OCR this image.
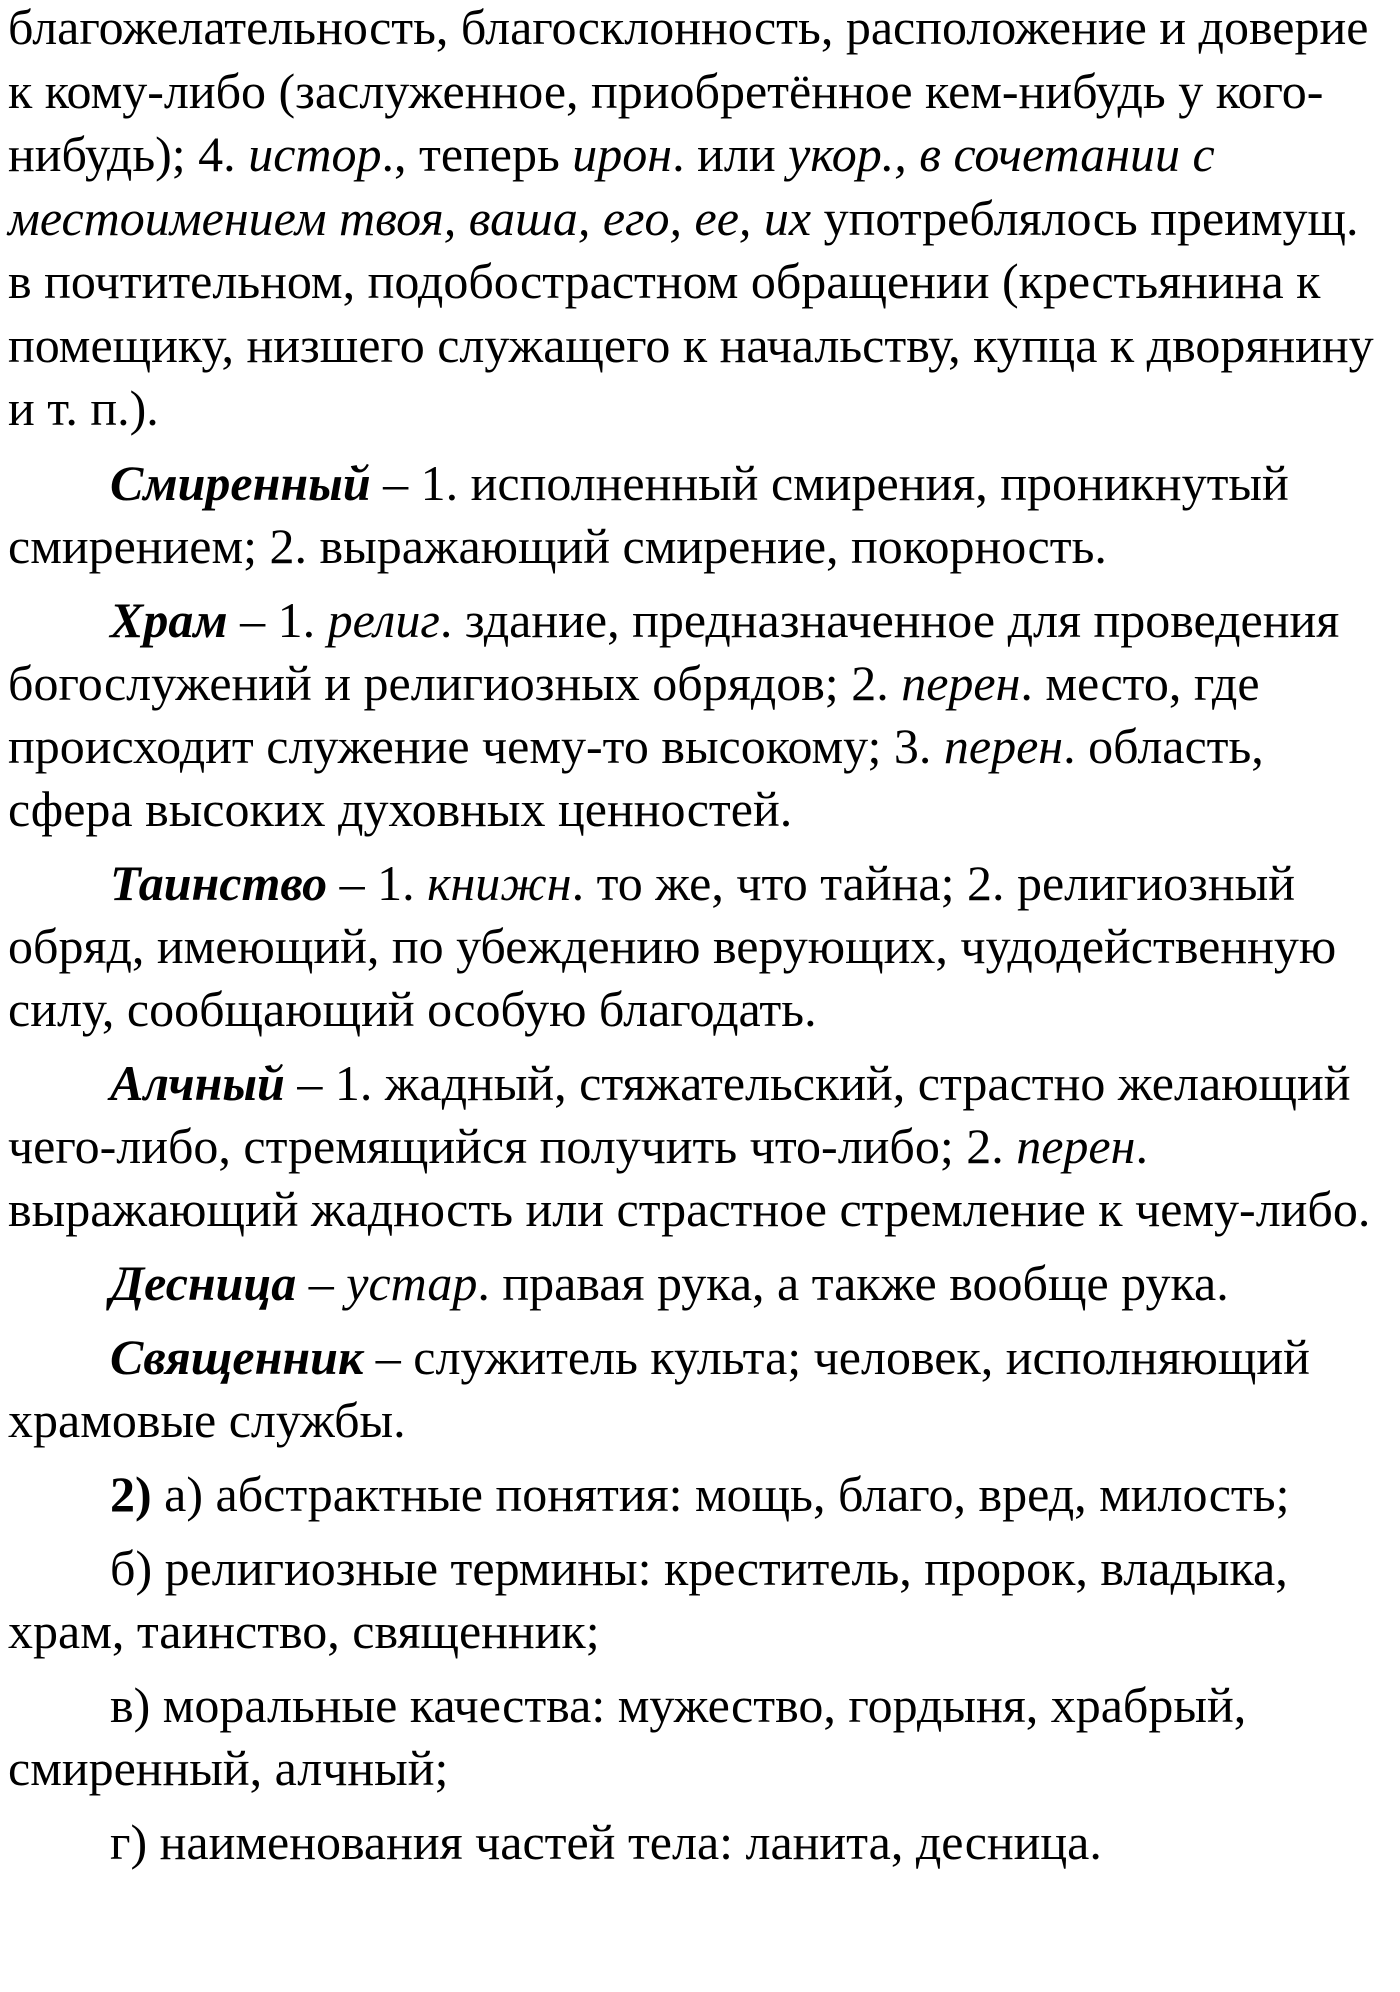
благожелательность, благосклонность, расположение и доверие к кому-либо (заслуженное, приобретённое кем-нибудь у кого-нибудь); 4. истор., теперь ирон. или укор., в сочетании с местоимением твоя, ваша, его, ее, их употреблялось преимущ. в почтительном, подобострастном обращении (крестьянина к помещику, низшего служащего к начальству, купца к дворянину и т. п.).

Смиренный – 1. исполненный смирения, проникнутый смирением; 2. выражающий смирение, покорность.

Храм – 1. религ. здание, предназначенное для проведения богослужений и религиозных обрядов; 2. перен. место, где происходит служение чему-то высокому; 3. перен. область, сфера высоких духовных ценностей.

Таинство – 1. книжн. то же, что тайна; 2. религиозный обряд, имеющий, по убеждению верующих, чудодейственную силу, сообщающий особую благодать.

Алчный – 1. жадный, стяжательский, страстно желающий чего-либо, стремящийся получить что-либо; 2. перен. выражающий жадность или страстное стремление к чему-либо.

Десница – устар. правая рука, а также вообще рука.

Священник – служитель культа; человек, исполняющий храмовые службы.

2) а) абстрактные понятия: мощь, благо, вред, милость;

б) религиозные термины: креститель, пророк, владыка, храм, таинство, священник;

в) моральные качества: мужество, гордыня, храбрый, смиренный, алчный;

г) наименования частей тела: ланита, десница.
